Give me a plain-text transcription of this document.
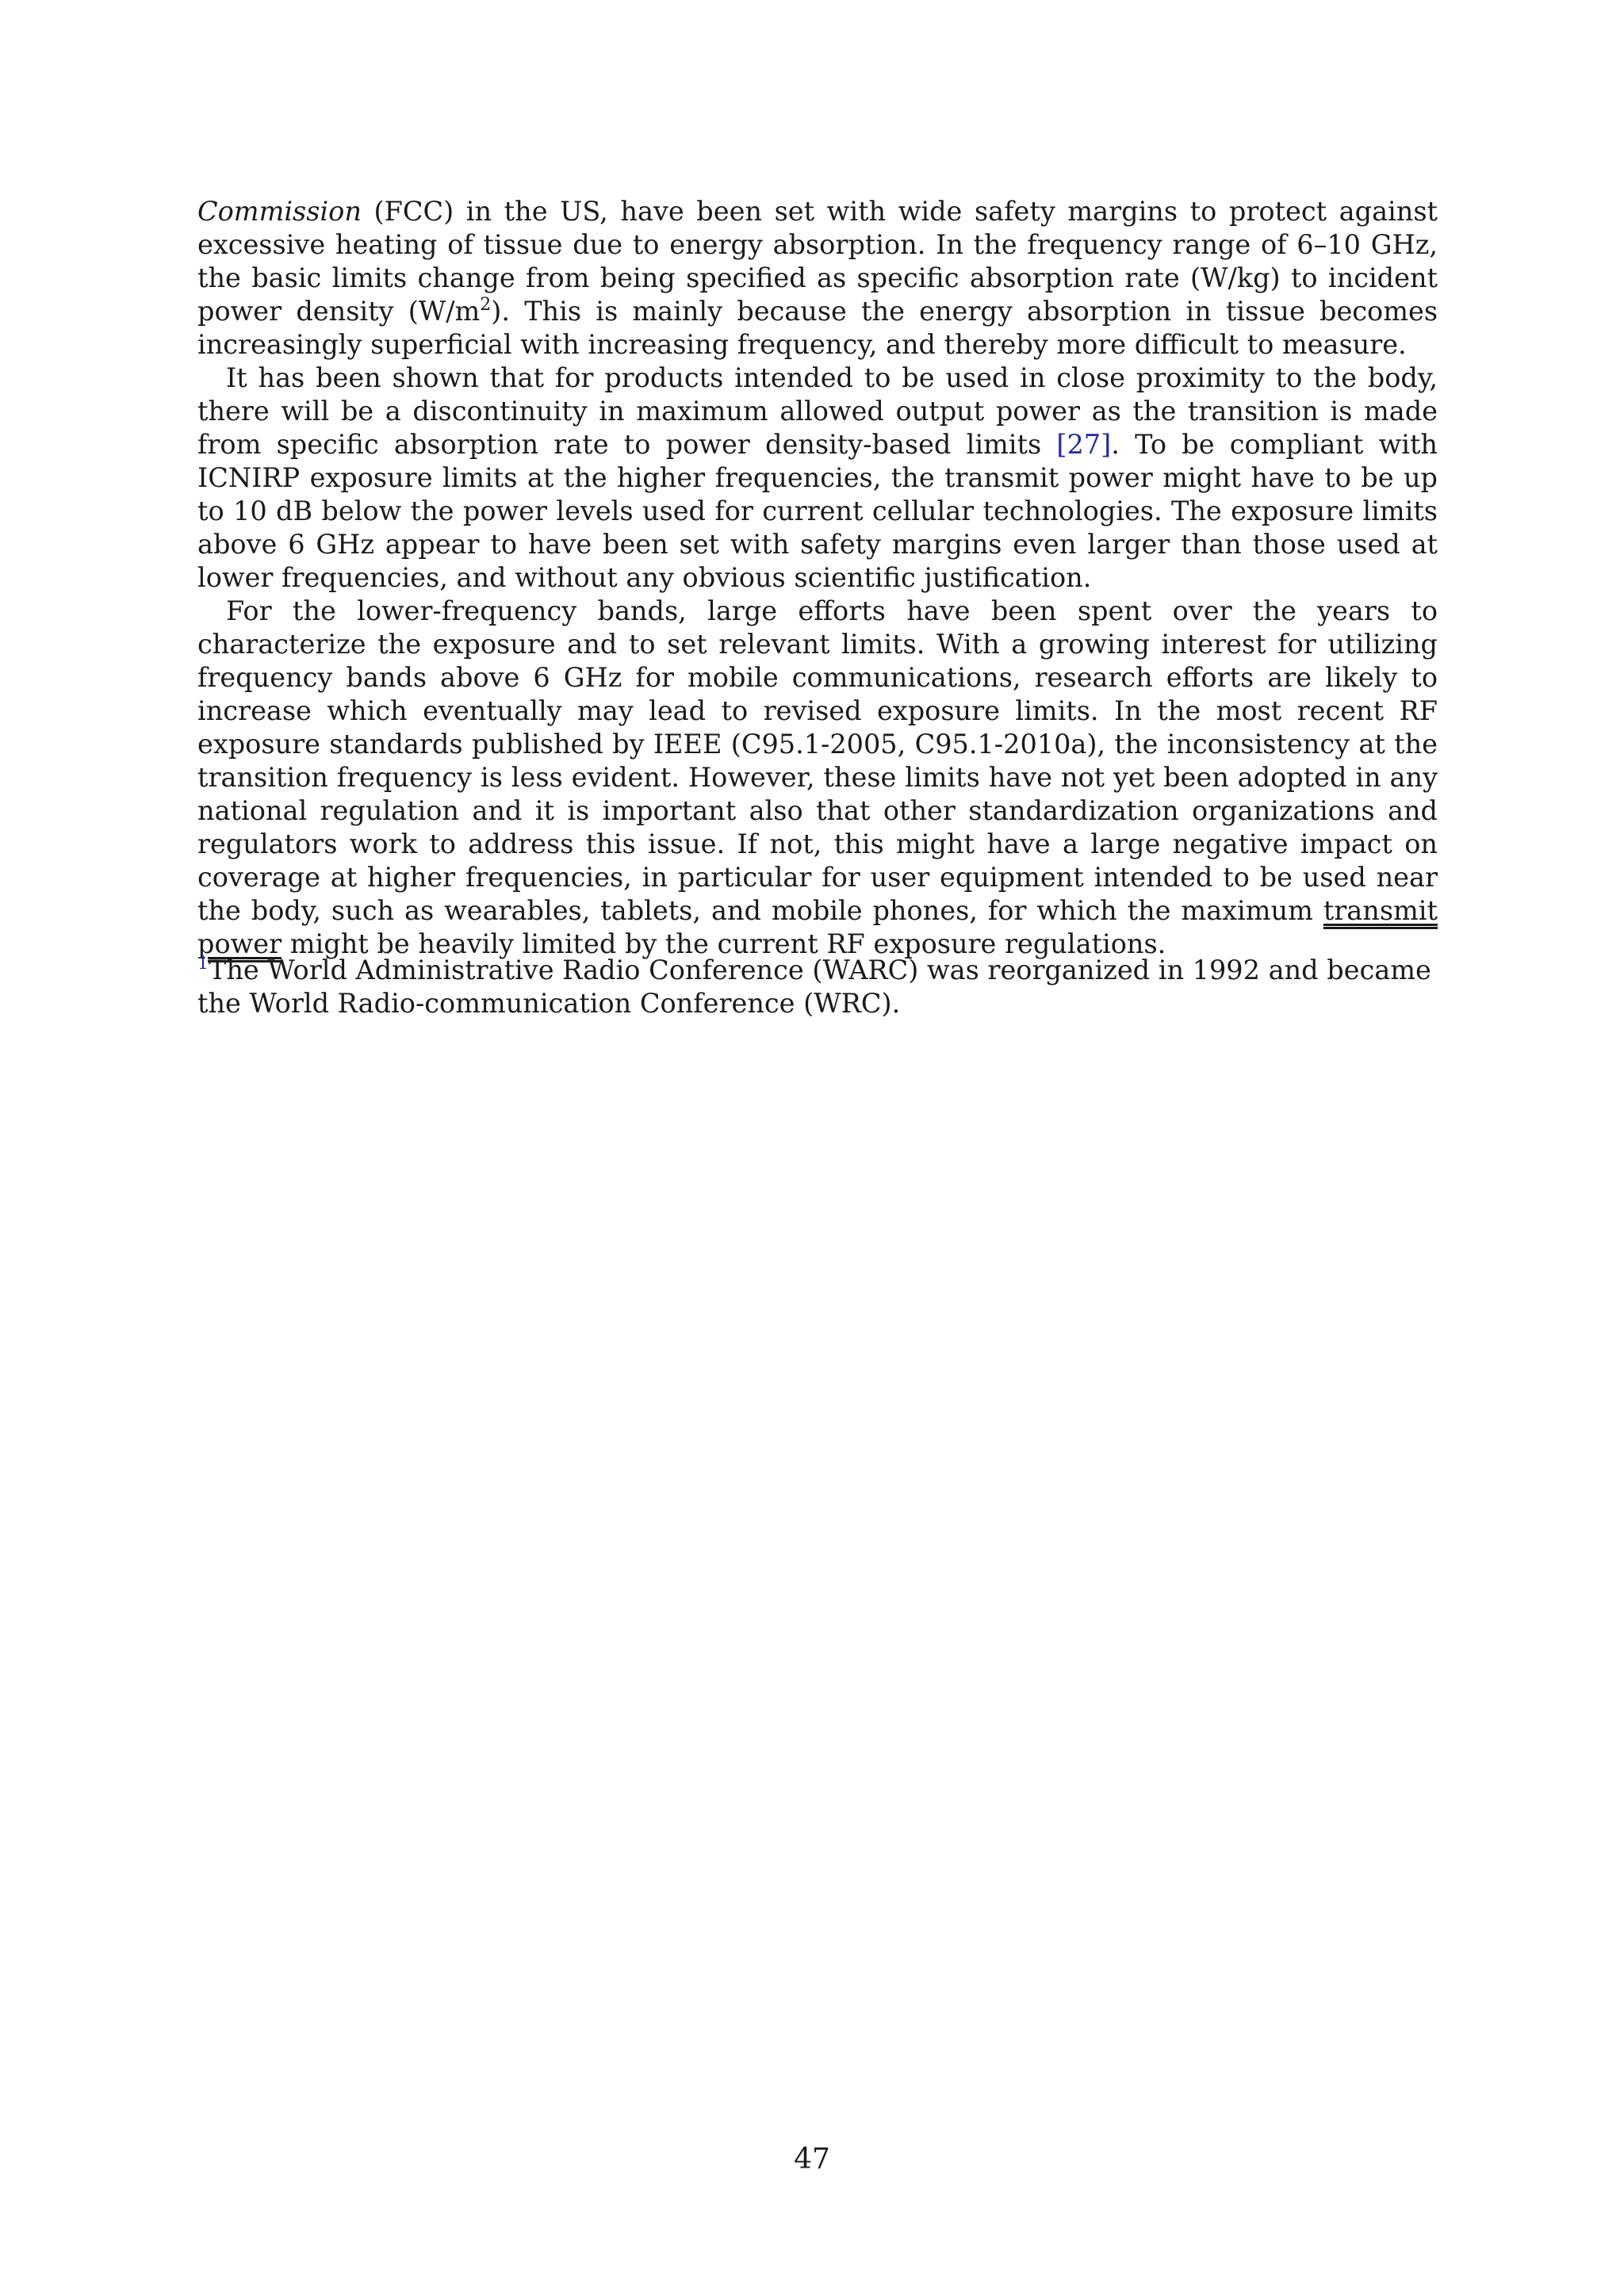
Commission (FCC) in the US, have been set with wide safety margins to protect against excessive heating of tissue due to energy absorption. In the frequency range of 6–10 GHz, the basic limits change from being specified as specific absorption rate (W/kg) to incident power density $(W/m^2)$. This is mainly because the energy absorption in tissue becomes increasingly superficial with increasing frequency, and thereby more difficult to measure.

It has been shown that for products intended to be used in close proximity to the body, there will be a discontinuity in maximum allowed output power as the transition is made from specific absorption rate to power density-based limits [27]. To be compliant with ICNIRP exposure limits at the higher frequencies, the transmit power might have to be up to 10 dB below the power levels used for current cellular technologies. The exposure limits above 6 GHz appear to have been set with safety margins even larger than those used at lower frequencies, and without any obvious scientific justification.

For the lower-frequency bands, large efforts have been spent over the years to characterize the exposure and to set relevant limits. With a growing interest for utilizing frequency bands above 6 GHz for mobile communications, research efforts are likely to increase which eventually may lead to revised exposure limits. In the most recent RF exposure standards published by IEEE (C95.1-2005, C95.1-2010a), the inconsistency at the transition frequency is less evident. However, these limits have not yet been adopted in any national regulation and it is important also that other standardization organizations and regulators work to address this issue. If not, this might have a large negative impact on coverage at higher frequencies, in particular for user equipment intended to be used near the body, such as wearables, tablets, and mobile phones, for which the maximum transmit power might be heavily limited by the current RF exposure regulations.

$^1$The World Administrative Radio Conference (WARC) was reorganized in 1992 and became the World Radio-communication Conference (WRC).
47
